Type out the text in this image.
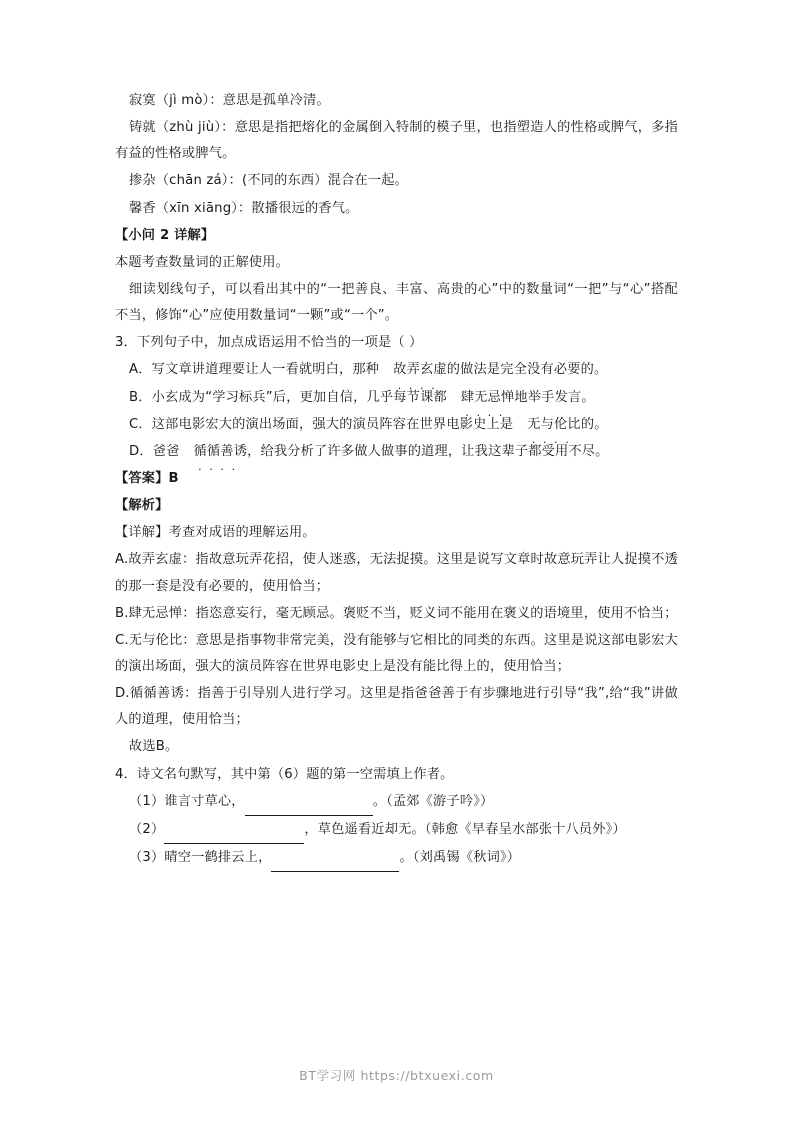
寂寞（jì mò）：意思是孤单冷清。

铸就（zhù jiù）：意思是指把熔化的金属倒入特制的模子里，也指塑造人的性格或脾气，多指有益的性格或脾气。

掺杂（chān zá）：(不同的东西）混合在一起。

馨香（xīn xiāng）：散播很远的香气。

【小问 2 详解】

本题考查数量词的正解使用。

细读划线句子，可以看出其中的“一把善良、丰富、高贵的心”中的数量词“一把”与“心”搭配不当，修饰“心”应使用数量词“一颗”或“一个”。

3．下列句子中，加点成语运用不恰当的一项是（ ）

A．写文章讲道理要让人一看就明白，那种 故弄玄虚
․․․․
的做法是完全没有必要的。

B．小玄成为“学习标兵”后，更加自信，几乎每节课都 肆无忌惮
․․․․
地举手发言。

C．这部电影宏大的演出场面，强大的演员阵容在世界电影史上是 无与伦比
․․․․
的。

D．爸爸 循循善诱
․․․․
，给我分析了许多做人做事的道理，让我这辈子都受用不尽。

【答案】B

【解析】

【详解】考查对成语的理解运用。

A.故弄玄虚：指故意玩弄花招，使人迷惑，无法捉摸。这里是说写文章时故意玩弄让人捉摸不透的那一套是没有必要的，使用恰当；

B.肆无忌惮：指恣意妄行，毫无顾忌。褒贬不当，贬义词不能用在褒义的语境里，使用不恰当；

C.无与伦比：意思是指事物非常完美，没有能够与它相比的同类的东西。这里是说这部电影宏大的演出场面，强大的演员阵容在世界电影史上是没有能比得上的，使用恰当；

D.循循善诱：指善于引导别人进行学习。这里是指爸爸善于有步骤地进行引导“我”,给“我”讲做人的道理，使用恰当；

故选B。

4．诗文名句默写，其中第（6）题的第一空需填上作者。

（1）谁言寸草心，	。（孟郊《游子吟》）

（2）	，草色遥看近却无。（韩愈《早春呈水部张十八员外》）

（3）晴空一鹤排云上，	。（刘禹锡《秋词》）

BT学习网 https://btxuexi.com
